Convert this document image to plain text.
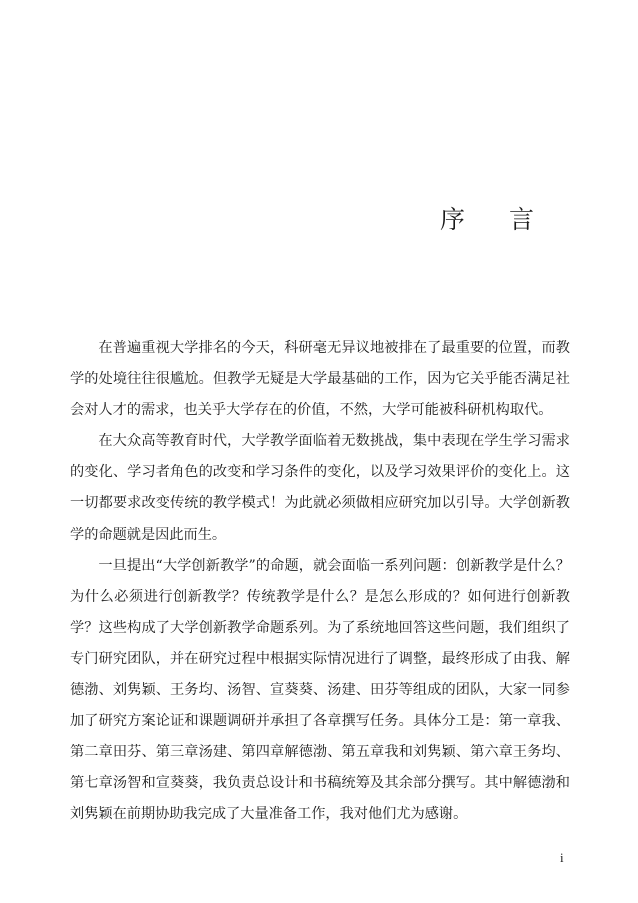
序言

在普遍重视大学排名的今天，科研毫无异议地被排在了最重要的位置，而教学的处境往往很尴尬。但教学无疑是大学最基础的工作，因为它关乎能否满足社会对人才的需求，也关乎大学存在的价值，不然，大学可能被科研机构取代。

在大众高等教育时代，大学教学面临着无数挑战，集中表现在学生学习需求的变化、学习者角色的改变和学习条件的变化，以及学习效果评价的变化上。这一切都要求改变传统的教学模式！为此就必须做相应研究加以引导。大学创新教学的命题就是因此而生。

一旦提出“大学创新教学”的命题，就会面临一系列问题：创新教学是什么？为什么必须进行创新教学？传统教学是什么？是怎么形成的？如何进行创新教学？这些构成了大学创新教学命题系列。为了系统地回答这些问题，我们组织了专门研究团队，并在研究过程中根据实际情况进行了调整，最终形成了由我、解德渤、刘隽颖、王务均、汤智、宣葵葵、汤建、田芬等组成的团队，大家一同参加了研究方案论证和课题调研并承担了各章撰写任务。具体分工是：第一章我、第二章田芬、第三章汤建、第四章解德渤、第五章我和刘隽颖、第六章王务均、第七章汤智和宣葵葵，我负责总设计和书稿统筹及其余部分撰写。其中解德渤和刘隽颖在前期协助我完成了大量准备工作，我对他们尤为感谢。

i
